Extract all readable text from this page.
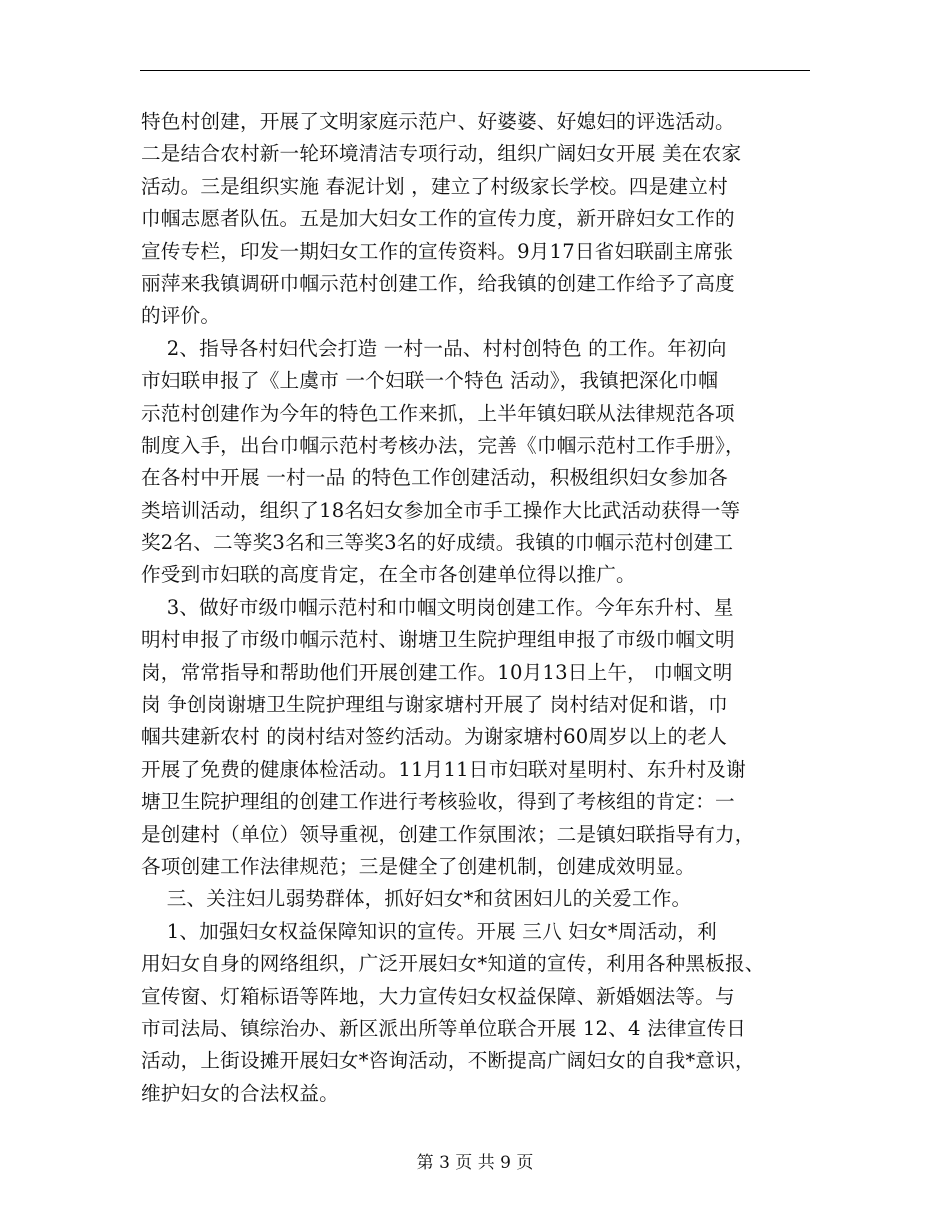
特色村创建，开展了文明家庭示范户、好婆婆、好媳妇的评选活动。
二是结合农村新一轮环境清洁专项行动，组织广阔妇女开展 美在农家
活动。三是组织实施 春泥计划 ，建立了村级家长学校。四是建立村
巾帼志愿者队伍。五是加大妇女工作的宣传力度，新开辟妇女工作的
宣传专栏，印发一期妇女工作的宣传资料。9月17日省妇联副主席张
丽萍来我镇调研巾帼示范村创建工作，给我镇的创建工作给予了高度
的评价。
2、指导各村妇代会打造 一村一品、村村创特色 的工作。年初向
市妇联申报了《上虞市 一个妇联一个特色 活动》，我镇把深化巾帼
示范村创建作为今年的特色工作来抓，上半年镇妇联从法律规范各项
制度入手，出台巾帼示范村考核办法，完善《巾帼示范村工作手册》，
在各村中开展 一村一品 的特色工作创建活动，积极组织妇女参加各
类培训活动，组织了18名妇女参加全市手工操作大比武活动获得一等
奖2名、二等奖3名和三等奖3名的好成绩。我镇的巾帼示范村创建工
作受到市妇联的高度肯定，在全市各创建单位得以推广。
3、做好市级巾帼示范村和巾帼文明岗创建工作。今年东升村、星
明村申报了市级巾帼示范村、谢塘卫生院护理组申报了市级巾帼文明
岗，常常指导和帮助他们开展创建工作。10月13日上午， 巾帼文明
岗 争创岗谢塘卫生院护理组与谢家塘村开展了 岗村结对促和谐，巾
帼共建新农村 的岗村结对签约活动。为谢家塘村60周岁以上的老人
开展了免费的健康体检活动。11月11日市妇联对星明村、东升村及谢
塘卫生院护理组的创建工作进行考核验收，得到了考核组的肯定：一
是创建村（单位）领导重视，创建工作氛围浓；二是镇妇联指导有力，
各项创建工作法律规范；三是健全了创建机制，创建成效明显。
三、关注妇儿弱势群体，抓好妇女*和贫困妇儿的关爱工作。
1、加强妇女权益保障知识的宣传。开展 三八 妇女*周活动，利
用妇女自身的网络组织，广泛开展妇女*知道的宣传，利用各种黑板报、
宣传窗、灯箱标语等阵地，大力宣传妇女权益保障、新婚姻法等。与
市司法局、镇综治办、新区派出所等单位联合开展 12、4 法律宣传日
活动，上街设摊开展妇女*咨询活动，不断提高广阔妇女的自我*意识，
维护妇女的合法权益。
第 3 页 共 9 页
